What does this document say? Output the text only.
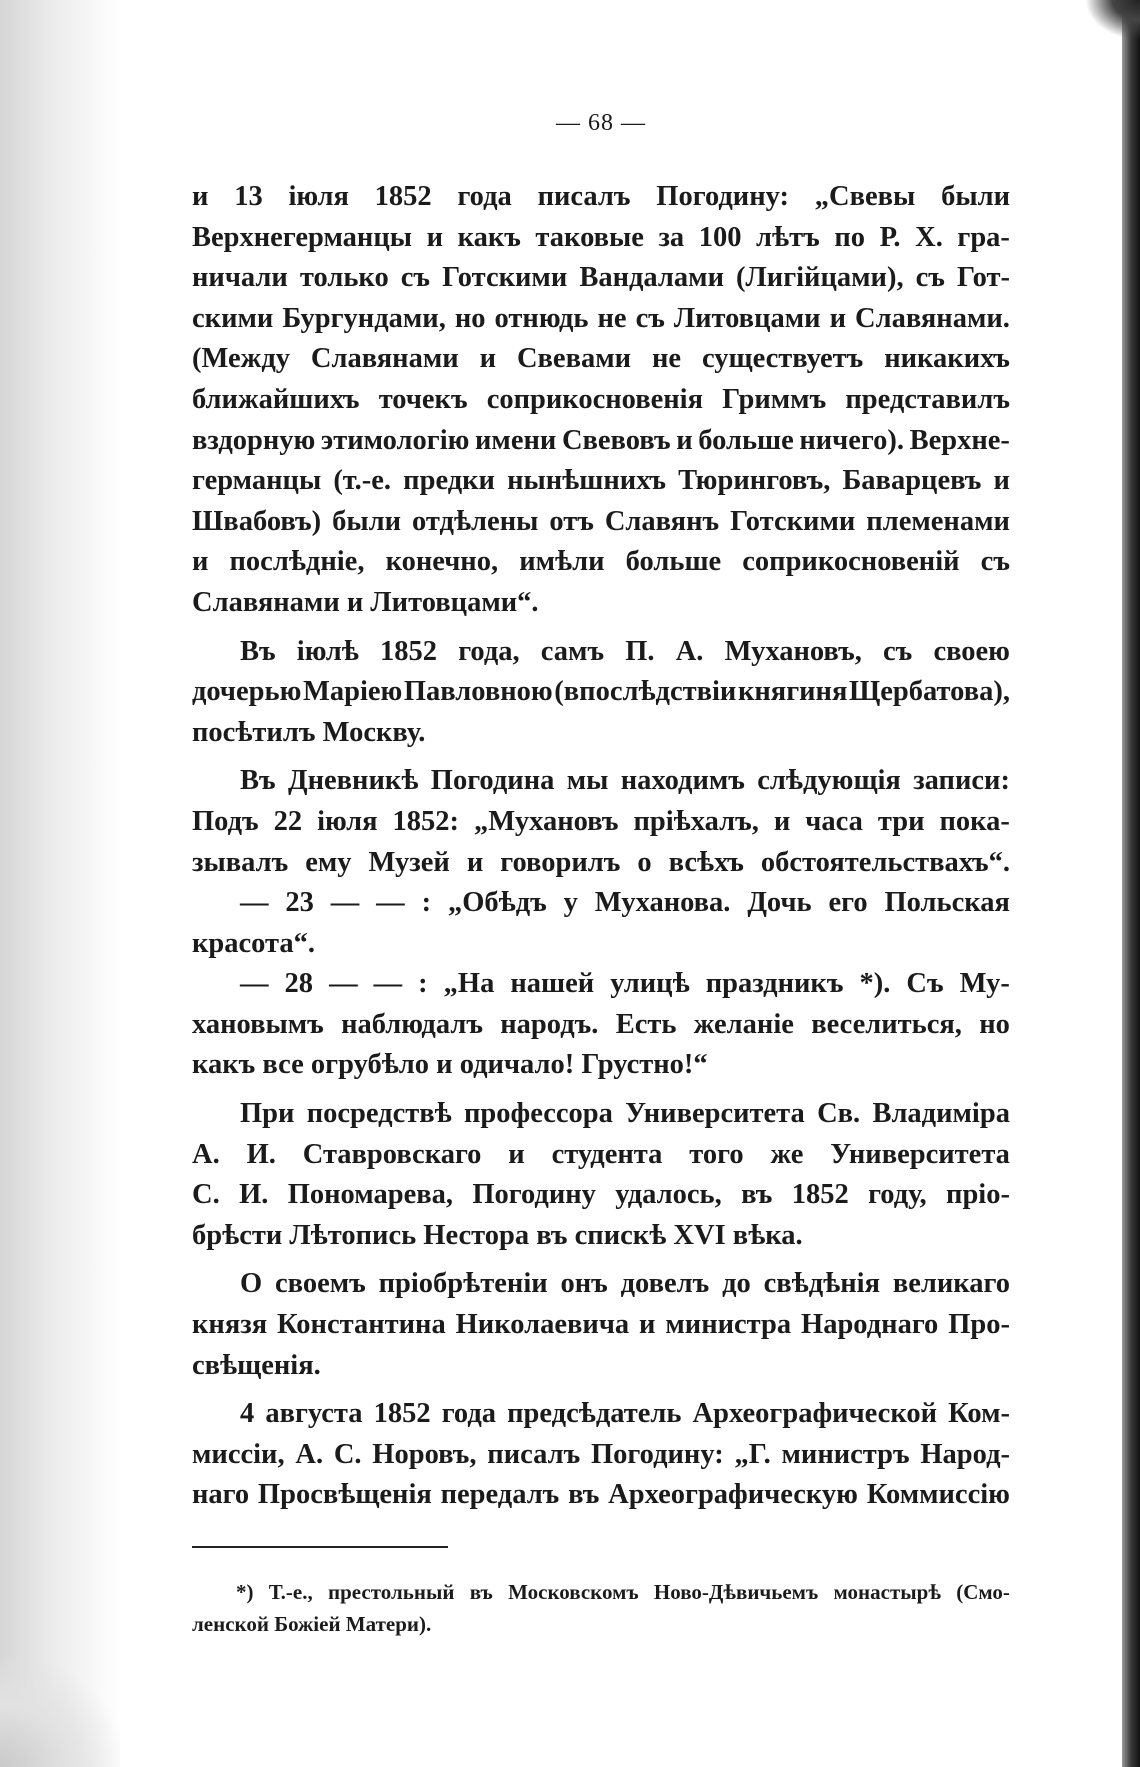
— 68 —
и 13 іюля 1852 года писалъ Погодину: „Свевы были
Верхнегерманцы и какъ таковые за 100 лѣтъ по Р. Х. гра-
ничали только съ Готскими Вандалами (Лигійцами), съ Гот-
скими Бургундами, но отнюдь не съ Литовцами и Славянами.
(Между Славянами и Свевами не существуетъ никакихъ
ближайшихъ точекъ соприкосновенія Гриммъ представилъ
вздорную этимологію имени Свевовъ и больше ничего). Верхне-
германцы (т.-е. предки нынѣшнихъ Тюринговъ, Баварцевъ и
Швабовъ) были отдѣлены отъ Славянъ Готскими племенами
и послѣдніе, конечно, имѣли больше соприкосновеній съ
Славянами и Литовцами“.
Въ іюлѣ 1852 года, самъ П. А. Мухановъ, съ своею
дочерью Маріею Павловною (впослѣдствіи княгиня Щербатова),
посѣтилъ Москву.
Въ Дневникѣ Погодина мы находимъ слѣдующія записи:
Подъ 22 іюля 1852: „Мухановъ пріѣхалъ, и часа три пока-
зывалъ ему Музей и говорилъ о всѣхъ обстоятельствахъ“.
— 23 — — : „Обѣдъ у Муханова. Дочь его Польская
красота“.
— 28 — — : „На нашей улицѣ праздникъ *). Съ Му-
хановымъ наблюдалъ народъ. Есть желаніе веселиться, но
какъ все огрубѣло и одичало! Грустно!“
При посредствѣ профессора Университета Св. Владиміра
А. И. Ставровскаго и студента того же Университета
С. И. Пономарева, Погодину удалось, въ 1852 году, пріо-
брѣсти Лѣтопись Нестора въ спискѣ XVI вѣка.
О своемъ пріобрѣтеніи онъ довелъ до свѣдѣнія великаго
князя Константина Николаевича и министра Народнаго Про-
свѣщенія.
4 августа 1852 года предсѣдатель Археографической Ком-
миссіи, А. С. Норовъ, писалъ Погодину: „Г. министръ Народ-
наго Просвѣщенія передалъ въ Археографическую Коммиссію
*) Т.-е., престольный въ Московскомъ Ново-Дѣвичьемъ монастырѣ (Смо-
ленской Божіей Матери).
